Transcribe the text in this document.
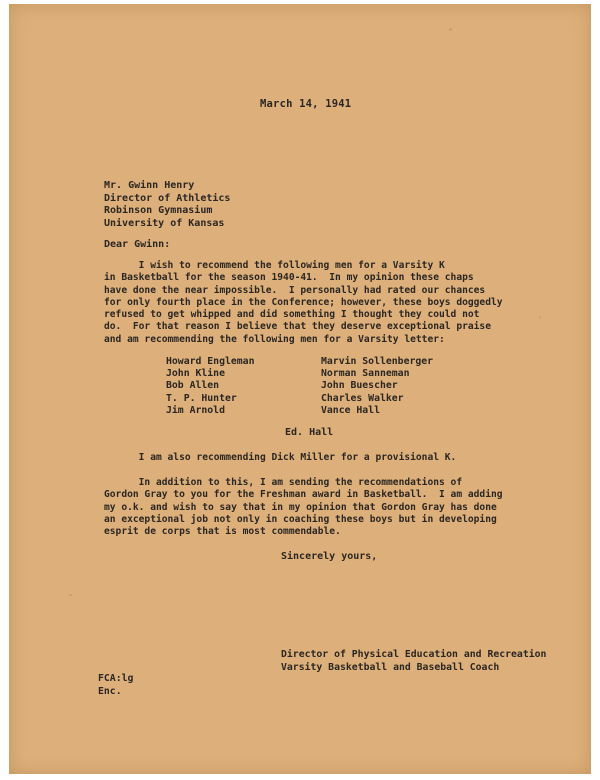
March 14, 1941
Mr. Gwinn Henry
Director of Athletics
Robinson Gymnasium
University of Kansas
Dear Gwinn:
I wish to recommend the following men for a Varsity K
in Basketball for the season 1940-41.  In my opinion these chaps
have done the near impossible.  I personally had rated our chances
for only fourth place in the Conference; however, these boys doggedly
refused to get whipped and did something I thought they could not
do.  For that reason I believe that they deserve exceptional praise
and am recommending the following men for a Varsity letter:
Howard Engleman
John Kline
Bob Allen
T. P. Hunter
Jim Arnold
Marvin Sollenberger
Norman Sanneman
John Buescher
Charles Walker
Vance Hall
Ed. Hall
I am also recommending Dick Miller for a provisional K.
In addition to this, I am sending the recommendations of
Gordon Gray to you for the Freshman award in Basketball.  I am adding
my o.k. and wish to say that in my opinion that Gordon Gray has done
an exceptional job not only in coaching these boys but in developing
esprit de corps that is most commendable.
Sincerely yours,
Director of Physical Education and Recreation
Varsity Basketball and Baseball Coach
FCA:lg
Enc.
